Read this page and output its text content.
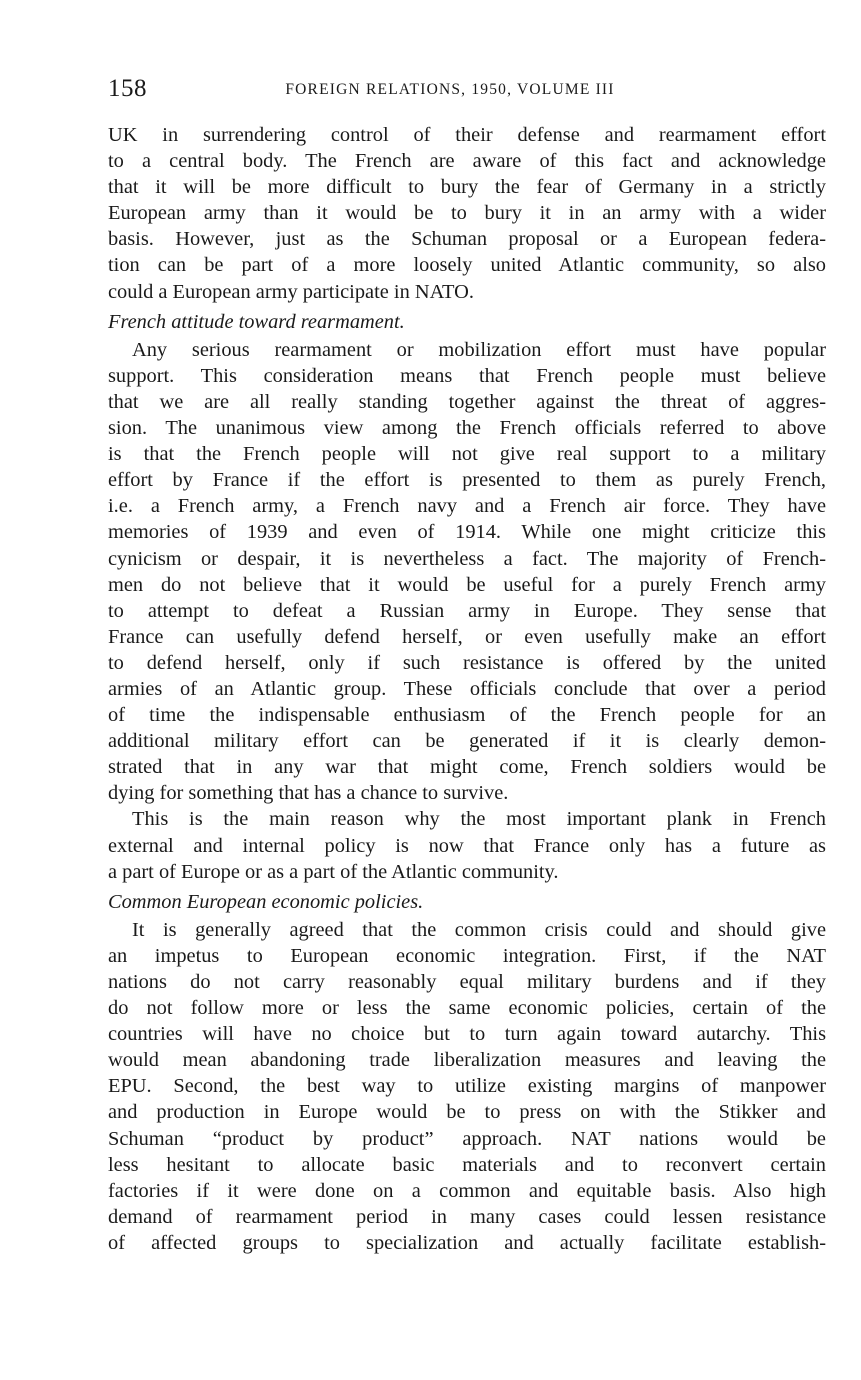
158	FOREIGN RELATIONS, 1950, VOLUME III
UK in surrendering control of their defense and rearmament effort
to a central body. The French are aware of this fact and acknowledge
that it will be more difficult to bury the fear of Germany in a strictly
European army than it would be to bury it in an army with a wider
basis. However, just as the Schuman proposal or a European federa-
tion can be part of a more loosely united Atlantic community, so also
could a European army participate in NATO.
French attitude toward rearmament.
Any serious rearmament or mobilization effort must have popular
support. This consideration means that French people must believe
that we are all really standing together against the threat of aggres-
sion. The unanimous view among the French officials referred to above
is that the French people will not give real support to a military
effort by France if the effort is presented to them as purely French,
i.e. a French army, a French navy and a French air force. They have
memories of 1939 and even of 1914. While one might criticize this
cynicism or despair, it is nevertheless a fact. The majority of French-
men do not believe that it would be useful for a purely French army
to attempt to defeat a Russian army in Europe. They sense that
France can usefully defend herself, or even usefully make an effort
to defend herself, only if such resistance is offered by the united
armies of an Atlantic group. These officials conclude that over a period
of time the indispensable enthusiasm of the French people for an
additional military effort can be generated if it is clearly demon-
strated that in any war that might come, French soldiers would be
dying for something that has a chance to survive.
This is the main reason why the most important plank in French
external and internal policy is now that France only has a future as
a part of Europe or as a part of the Atlantic community.
Common European economic policies.
It is generally agreed that the common crisis could and should give
an impetus to European economic integration. First, if the NAT
nations do not carry reasonably equal military burdens and if they
do not follow more or less the same economic policies, certain of the
countries will have no choice but to turn again toward autarchy. This
would mean abandoning trade liberalization measures and leaving the
EPU. Second, the best way to utilize existing margins of manpower
and production in Europe would be to press on with the Stikker and
Schuman “product by product” approach. NAT nations would be
less hesitant to allocate basic materials and to reconvert certain
factories if it were done on a common and equitable basis. Also high
demand of rearmament period in many cases could lessen resistance
of affected groups to specialization and actually facilitate establish-
